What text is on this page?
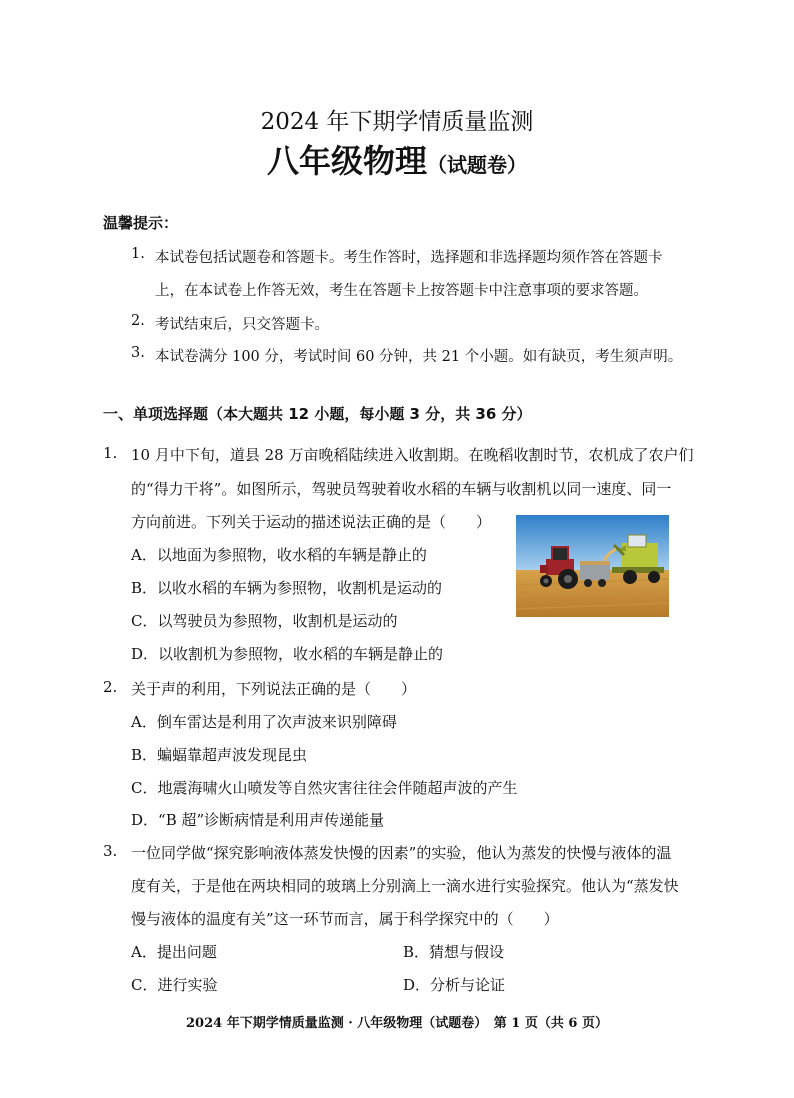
2024 年下期学情质量监测
八年级物理（试题卷）
温馨提示：
1. 本试卷包括试题卷和答题卡。考生作答时，选择题和非选择题均须作答在答题卡
上，在本试卷上作答无效，考生在答题卡上按答题卡中注意事项的要求答题。
2. 考试结束后，只交答题卡。
3. 本试卷满分 100 分，考试时间 60 分钟，共 21 个小题。如有缺页，考生须声明。
一、单项选择题（本大题共 12 小题，每小题 3 分，共 36 分）
1. 10 月中下旬，道县 28 万亩晚稻陆续进入收割期。在晚稻收割时节，农机成了农户们
的“得力干将”。如图所示，驾驶员驾驶着收水稻的车辆与收割机以同一速度、同一
方向前进。下列关于运动的描述说法正确的是（　　）
A．以地面为参照物，收水稻的车辆是静止的
B．以收水稻的车辆为参照物，收割机是运动的
C．以驾驶员为参照物，收割机是运动的
D．以收割机为参照物，收水稻的车辆是静止的
2. 关于声的利用，下列说法正确的是（　　）
A．倒车雷达是利用了次声波来识别障碍
B．蝙蝠靠超声波发现昆虫
C．地震海啸火山喷发等自然灾害往往会伴随超声波的产生
D．“B 超”诊断病情是利用声传递能量
3. 一位同学做“探究影响液体蒸发快慢的因素”的实验，他认为蒸发的快慢与液体的温
度有关，于是他在两块相同的玻璃上分别滴上一滴水进行实验探究。他认为“蒸发快
慢与液体的温度有关”这一环节而言，属于科学探究中的（　　）
A．提出问题	B．猜想与假设
C．进行实验	D．分析与论证
2024 年下期学情质量监测 · 八年级物理（试题卷）　第 1 页（共 6 页）
